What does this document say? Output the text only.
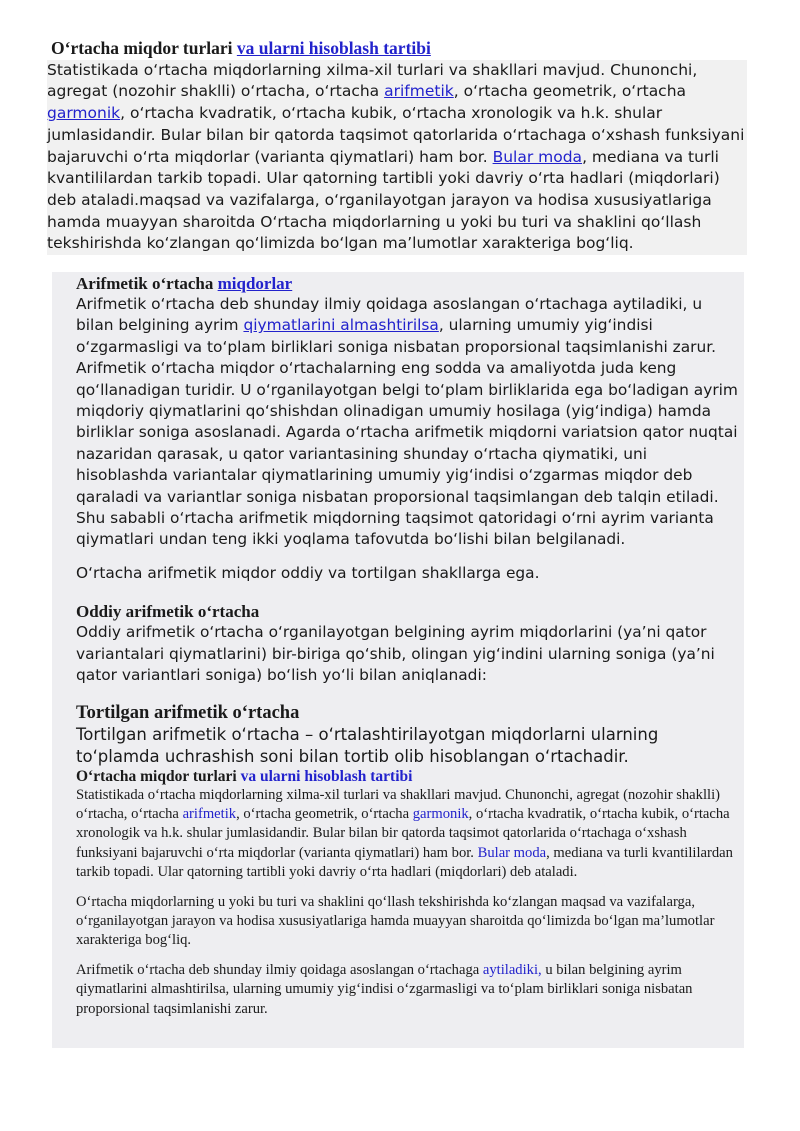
O‘rtacha miqdor turlari va ularni hisoblash tartibi

Statistikada o‘rtacha miqdorlarning xilma-xil turlari va shakllari mavjud. Chunonchi, agregat (nozohir shaklli) o‘rtacha, o‘rtacha arifmetik, o‘rtacha geometrik, o‘rtacha garmonik, o‘rtacha kvadratik, o‘rtacha kubik, o‘rtacha xronologik va h.k. shular jumlasidandir. Bular bilan bir qatorda taqsimot qatorlarida o‘rtachaga o‘xshash funksiyani bajaruvchi o‘rta miqdorlar (varianta qiymatlari) ham bor. Bular moda, mediana va turli kvantililardan tarkib topadi. Ular qatorning tartibli yoki davriy o‘rta hadlari (miqdorlari) deb ataladi.maqsad va vazifalarga, o‘rganilayotgan jarayon va hodisa xususiyatlariga hamda muayyan sharoitda O‘rtacha miqdorlarning u yoki bu turi va shaklini qo‘llash tekshirishda ko‘zlangan qo‘limizda bo‘lgan ma’lumotlar xarakteriga bog‘liq.

Arifmetik o‘rtacha miqdorlar

Arifmetik o‘rtacha deb shunday ilmiy qoidaga asoslangan o‘rtachaga aytiladiki, u bilan belgining ayrim qiymatlarini almashtirilsa, ularning umumiy yig‘indisi o‘zgarmasligi va to‘plam birliklari soniga nisbatan proporsional taqsimlanishi zarur.

Arifmetik o‘rtacha miqdor o‘rtachalarning eng sodda va amaliyotda juda keng qo‘llanadigan turidir. U o‘rganilayotgan belgi to‘plam birliklarida ega bo‘ladigan ayrim miqdoriy qiymatlarini qo‘shishdan olinadigan umumiy hosilaga (yig‘indiga) hamda birliklar soniga asoslanadi. Agarda o‘rtacha arifmetik miqdorni variatsion qator nuqtai nazaridan qarasak, u qator variantasining shunday o‘rtacha qiymatiki, uni hisoblashda variantalar qiymatlarining umumiy yig‘indisi o‘zgarmas miqdor deb qaraladi va variantlar soniga nisbatan proporsional taqsimlangan deb talqin etiladi. Shu sababli o‘rtacha arifmetik miqdorning taqsimot qatoridagi o‘rni ayrim varianta qiymatlari undan teng ikki yoqlama tafovutda bo‘lishi bilan belgilanadi.

O‘rtacha arifmetik miqdor oddiy va tortilgan shakllarga ega.

Oddiy arifmetik o‘rtacha
Oddiy arifmetik o‘rtacha o‘rganilayotgan belgining ayrim miqdorlarini (ya’ni qator variantalari qiymatlarini) bir-biriga qo‘shib, olingan yig‘indini ularning soniga (ya’ni qator variantlari soniga) bo‘lish yo‘li bilan aniqlanadi:
Tortilgan arifmetik o‘rtacha
Tortilgan arifmetik o‘rtacha – o‘rtalashtirilayotgan miqdorlarni ularning to‘plamda uchrashish soni bilan tortib olib hisoblangan o‘rtachadir.
O‘rtacha miqdor turlari va ularni hisoblash tartibi

Statistikada o‘rtacha miqdorlarning xilma-xil turlari va shakllari mavjud. Chunonchi, agregat (nozohir shaklli) o‘rtacha, o‘rtacha arifmetik, o‘rtacha geometrik, o‘rtacha garmonik, o‘rtacha kvadratik, o‘rtacha kubik, o‘rtacha xronologik va h.k. shular jumlasidandir. Bular bilan bir qatorda taqsimot qatorlarida o‘rtachaga o‘xshash funksiyani bajaruvchi o‘rta miqdorlar (varianta qiymatlari) ham bor. Bular moda, mediana va turli kvantililardan tarkib topadi. Ular qatorning tartibli yoki davriy o‘rta hadlari (miqdorlari) deb ataladi.

O‘rtacha miqdorlarning u yoki bu turi va shaklini qo‘llash tekshirishda ko‘zlangan maqsad va vazifalarga, o‘rganilayotgan jarayon va hodisa xususiyatlariga hamda muayyan sharoitda qo‘limizda bo‘lgan ma’lumotlar xarakteriga bog‘liq.

Arifmetik o‘rtacha deb shunday ilmiy qoidaga asoslangan o‘rtachaga aytiladiki, u bilan belgining ayrim qiymatlarini almashtirilsa, ularning umumiy yig‘indisi o‘zgarmasligi va to‘plam birliklari soniga nisbatan proporsional taqsimlanishi zarur.
